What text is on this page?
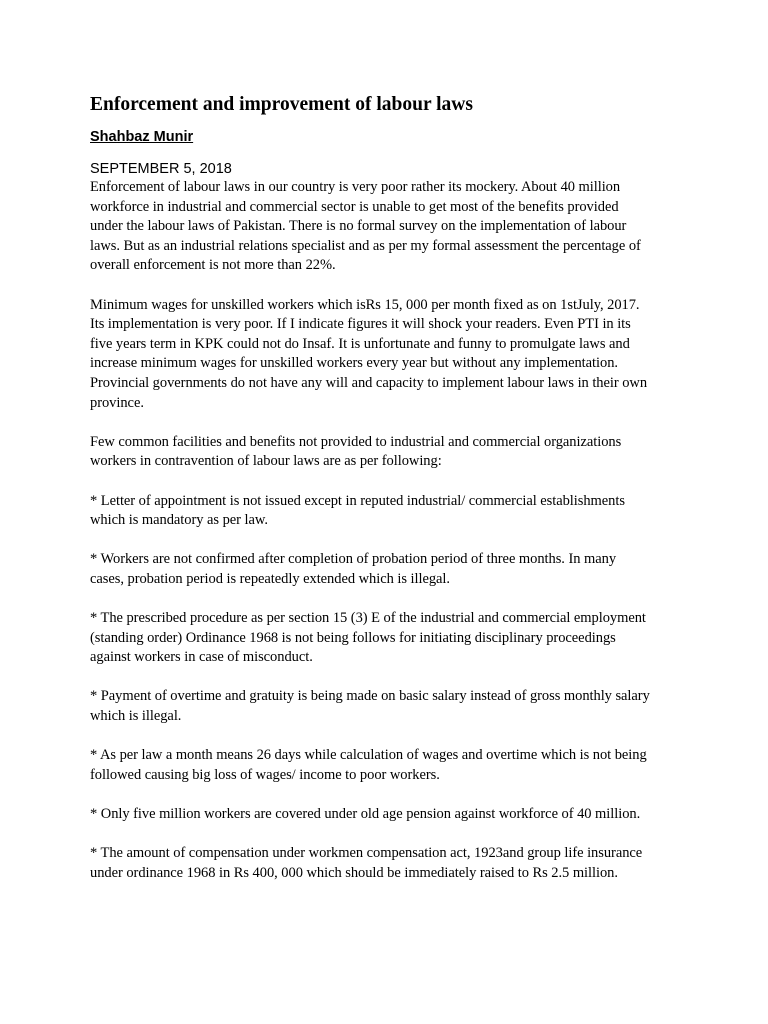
Enforcement and improvement of labour laws
Shahbaz Munir
SEPTEMBER 5, 2018

Enforcement of labour laws in our country is very poor rather its mockery. About 40 million
workforce in industrial and commercial sector is unable to get most of the benefits provided
under the labour laws of Pakistan. There is no formal survey on the implementation of labour
laws. But as an industrial relations specialist and as per my formal assessment the percentage of
overall enforcement is not more than 22%.

Minimum wages for unskilled workers which isRs 15, 000 per month fixed as on 1stJuly, 2017.
Its implementation is very poor. If I indicate figures it will shock your readers. Even PTI in its
five years term in KPK could not do Insaf. It is unfortunate and funny to promulgate laws and
increase minimum wages for unskilled workers every year but without any implementation.
Provincial governments do not have any will and capacity to implement labour laws in their own
province.

Few common facilities and benefits not provided to industrial and commercial organizations
workers in contravention of labour laws are as per following:

* Letter of appointment is not issued except in reputed industrial/ commercial establishments
which is mandatory as per law.

* Workers are not confirmed after completion of probation period of three months. In many
cases, probation period is repeatedly extended which is illegal.

* The prescribed procedure as per section 15 (3) E of the industrial and commercial employment
(standing order) Ordinance 1968 is not being follows for initiating disciplinary proceedings
against workers in case of misconduct.

* Payment of overtime and gratuity is being made on basic salary instead of gross monthly salary
which is illegal.

* As per law a month means 26 days while calculation of wages and overtime which is not being
followed causing big loss of wages/ income to poor workers.

* Only five million workers are covered under old age pension against workforce of 40 million.

* The amount of compensation under workmen compensation act, 1923and group life insurance
under ordinance 1968 in Rs 400, 000 which should be immediately raised to Rs 2.5 million.
